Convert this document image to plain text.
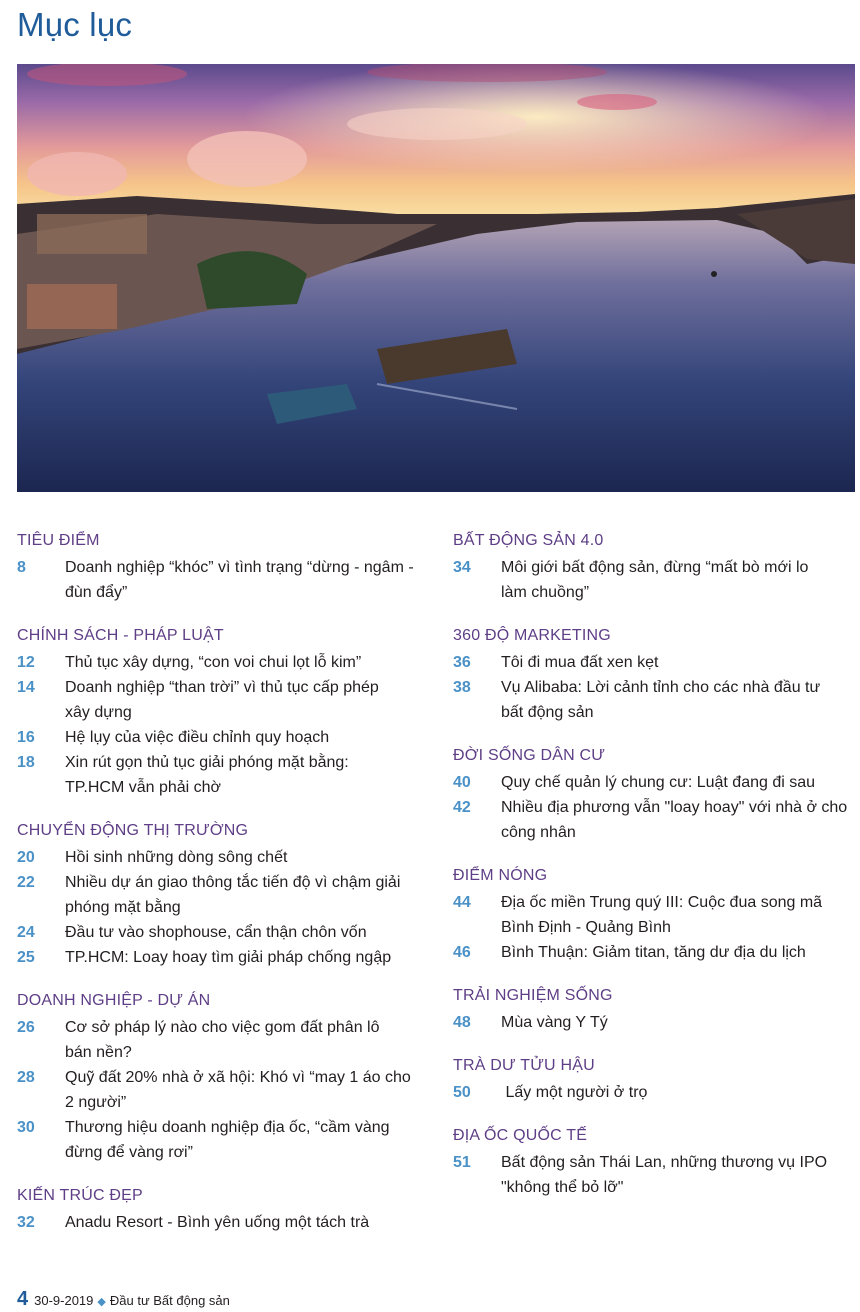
Mục lục
TIÊU ĐIỂM
8	Doanh nghiệp “khóc” vì tình trạng “dừng - ngâm -
đùn đẩy”
CHÍNH SÁCH - PHÁP LUẬT
12	Thủ tục xây dựng, “con voi chui lọt lỗ kim”
14	Doanh nghiệp “than trời” vì thủ tục cấp phép
xây dựng
16	Hệ lụy của việc điều chỉnh quy hoạch
18	Xin rút gọn thủ tục giải phóng mặt bằng:
TP.HCM vẫn phải chờ
CHUYỂN ĐỘNG THỊ TRƯỜNG
20	Hồi sinh những dòng sông chết
22	Nhiều dự án giao thông tắc tiến độ vì chậm giải
phóng mặt bằng
24	Đầu tư vào shophouse, cẩn thận chôn vốn
25	TP.HCM: Loay hoay tìm giải pháp chống ngập
DOANH NGHIỆP - DỰ ÁN
26	Cơ sở pháp lý nào cho việc gom đất phân lô
bán nền?
28	Quỹ đất 20% nhà ở xã hội: Khó vì “may 1 áo cho
2 người”
30	Thương hiệu doanh nghiệp địa ốc, “cầm vàng
đừng để vàng rơi”
KIẾN TRÚC ĐẸP
32	Anadu Resort - Bình yên uống một tách trà
BẤT ĐỘNG SẢN 4.0
34	Môi giới bất động sản, đừng “mất bò mới lo
làm chuồng”
360 ĐỘ MARKETING
36	Tôi đi mua đất xen kẹt
38	Vụ Alibaba: Lời cảnh tỉnh cho các nhà đầu tư
bất động sản
ĐỜI SỐNG DÂN CƯ
40	Quy chế quản lý chung cư: Luật đang đi sau
42	Nhiều địa phương vẫn "loay hoay" với nhà ở cho
công nhân
ĐIỂM NÓNG
44	Địa ốc miền Trung quý III: Cuộc đua song mã
Bình Định - Quảng Bình
46	Bình Thuận: Giảm titan, tăng dư địa du lịch
TRẢI NGHIỆM SỐNG
48	Mùa vàng Y Tý
TRÀ DƯ TỬU HẬU
50	Lấy một người ở trọ
ĐỊA ỐC QUỐC TẾ
51	Bất động sản Thái Lan, những thương vụ IPO
"không thể bỏ lỡ"
4 30-9-2019 ◆ Đầu tư Bất động sản
